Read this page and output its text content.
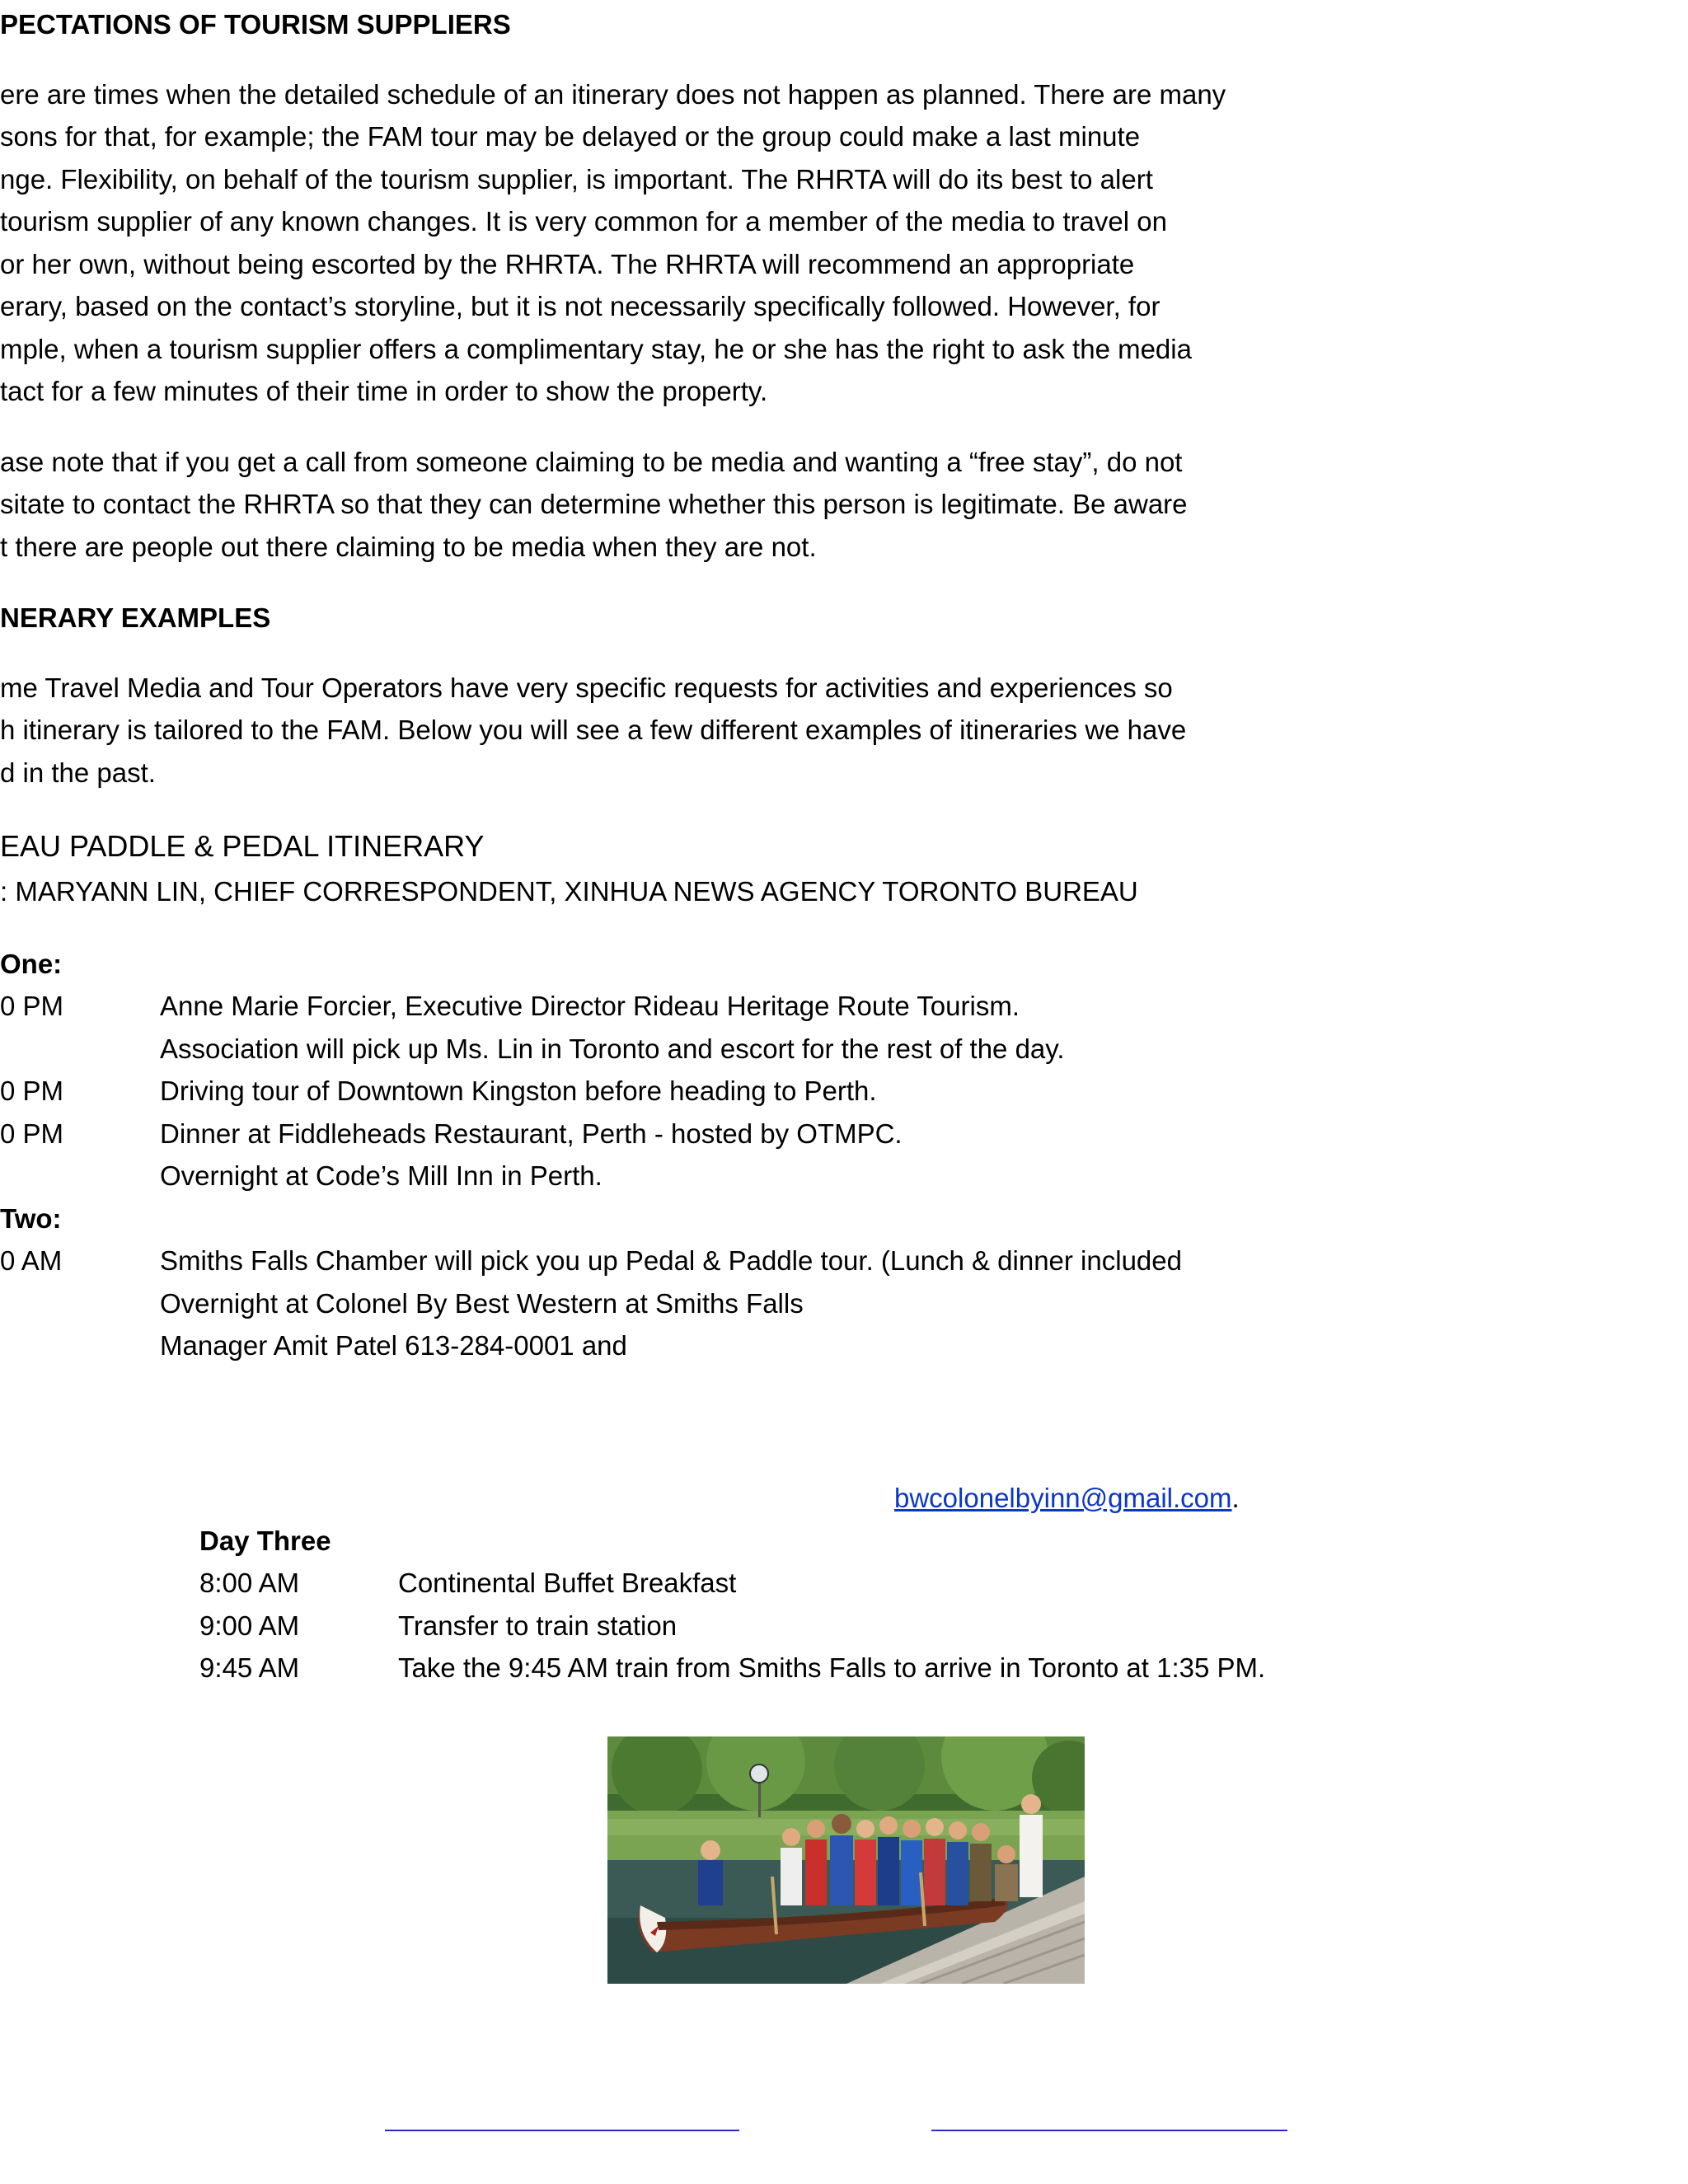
PECTATIONS OF TOURISM SUPPLIERS
ere are times when the detailed schedule of an itinerary does not happen as planned. There are many
sons for that, for example; the FAM tour may be delayed or the group could make a last minute
nge. Flexibility, on behalf of the tourism supplier, is important. The RHRTA will do its best to alert
tourism supplier of any known changes. It is very common for a member of the media to travel on
or her own, without being escorted by the RHRTA. The RHRTA will recommend an appropriate
erary, based on the contact’s storyline, but it is not necessarily specifically followed. However, for
mple, when a tourism supplier offers a complimentary stay, he or she has the right to ask the media
tact for a few minutes of their time in order to show the property.
ase note that if you get a call from someone claiming to be media and wanting a “free stay”, do not
sitate to contact the RHRTA so that they can determine whether this person is legitimate. Be aware
t there are people out there claiming to be media when they are not.
NERARY EXAMPLES
me Travel Media and Tour Operators have very specific requests for activities and experiences so
h itinerary is tailored to the FAM. Below you will see a few different examples of itineraries we have
d in the past.
EAU PADDLE & PEDAL ITINERARY
: MARYANN LIN, CHIEF CORRESPONDENT, XINHUA NEWS AGENCY TORONTO BUREAU
One:
0 PM	Anne Marie Forcier, Executive Director Rideau Heritage Route Tourism.
Association will pick up Ms. Lin in Toronto and escort for the rest of the day.
0 PM	Driving tour of Downtown Kingston before heading to Perth.
0 PM	Dinner at Fiddleheads Restaurant, Perth - hosted by OTMPC.
Overnight at Code’s Mill Inn in Perth.
Two:
0 AM	Smiths Falls Chamber will pick you up Pedal & Paddle tour. (Lunch & dinner included
Overnight at Colonel By Best Western at Smiths Falls
Manager Amit Patel 613-284-0001 and
bwcolonelbyinn@gmail.com.
Day Three
8:00 AM	Continental Buffet Breakfast
9:00 AM	Transfer to train station
9:45 AM	Take the 9:45 AM train from Smiths Falls to arrive in Toronto at 1:35 PM.
